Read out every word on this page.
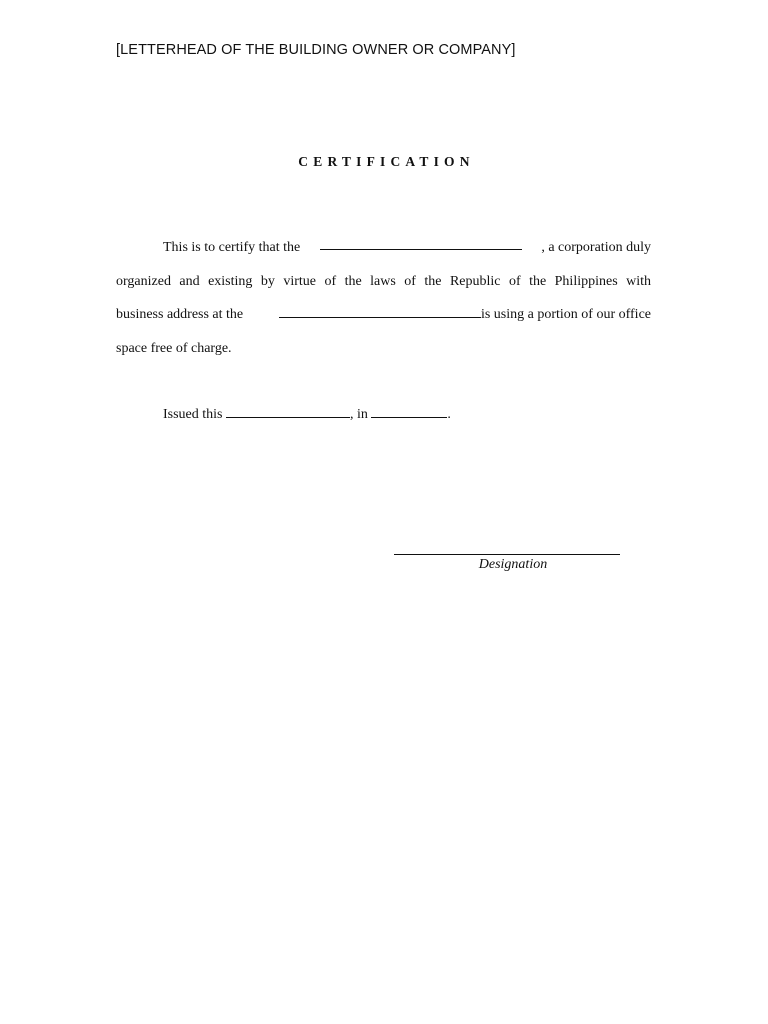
[LETTERHEAD OF THE BUILDING OWNER OR COMPANY]
CERTIFICATION
This is to certify that the	, a corporation duly
organized and existing by virtue of the laws of the Republic of the Philippines with
business address at the	is using a portion of our office
space free of charge.
Issued this	, in	.
Designation
